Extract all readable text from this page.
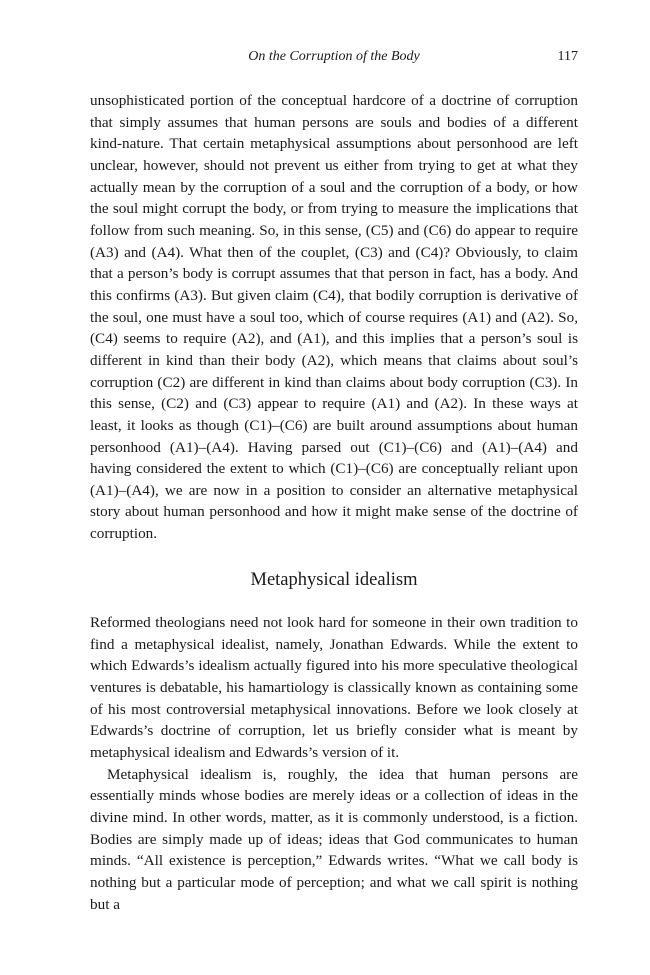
On the Corruption of the Body	117

unsophisticated portion of the conceptual hardcore of a doctrine of corruption that simply assumes that human persons are souls and bodies of a different kind-nature. That certain metaphysical assumptions about personhood are left unclear, however, should not prevent us either from trying to get at what they actually mean by the corruption of a soul and the corruption of a body, or how the soul might corrupt the body, or from trying to measure the implications that follow from such meaning. So, in this sense, (C5) and (C6) do appear to require (A3) and (A4). What then of the couplet, (C3) and (C4)? Obviously, to claim that a person’s body is corrupt assumes that that person in fact, has a body. And this confirms (A3). But given claim (C4), that bodily corruption is derivative of the soul, one must have a soul too, which of course requires (A1) and (A2). So, (C4) seems to require (A2), and (A1), and this implies that a person’s soul is different in kind than their body (A2), which means that claims about soul’s corruption (C2) are different in kind than claims about body corruption (C3). In this sense, (C2) and (C3) appear to require (A1) and (A2). In these ways at least, it looks as though (C1)–(C6) are built around assumptions about human personhood (A1)–(A4). Having parsed out (C1)–(C6) and (A1)–(A4) and having considered the extent to which (C1)–(C6) are conceptually reliant upon (A1)–(A4), we are now in a position to consider an alternative metaphysical story about human personhood and how it might make sense of the doctrine of corruption.

Metaphysical idealism

Reformed theologians need not look hard for someone in their own tradition to find a metaphysical idealist, namely, Jonathan Edwards. While the extent to which Edwards’s idealism actually figured into his more speculative theological ventures is debatable, his hamartiology is classically known as containing some of his most controversial metaphysical innovations. Before we look closely at Edwards’s doctrine of corruption, let us briefly consider what is meant by metaphysical idealism and Edwards’s version of it.

Metaphysical idealism is, roughly, the idea that human persons are essentially minds whose bodies are merely ideas or a collection of ideas in the divine mind. In other words, matter, as it is commonly understood, is a fiction. Bodies are simply made up of ideas; ideas that God communicates to human minds. “All existence is perception,” Edwards writes. “What we call body is nothing but a particular mode of perception; and what we call spirit is nothing but a
